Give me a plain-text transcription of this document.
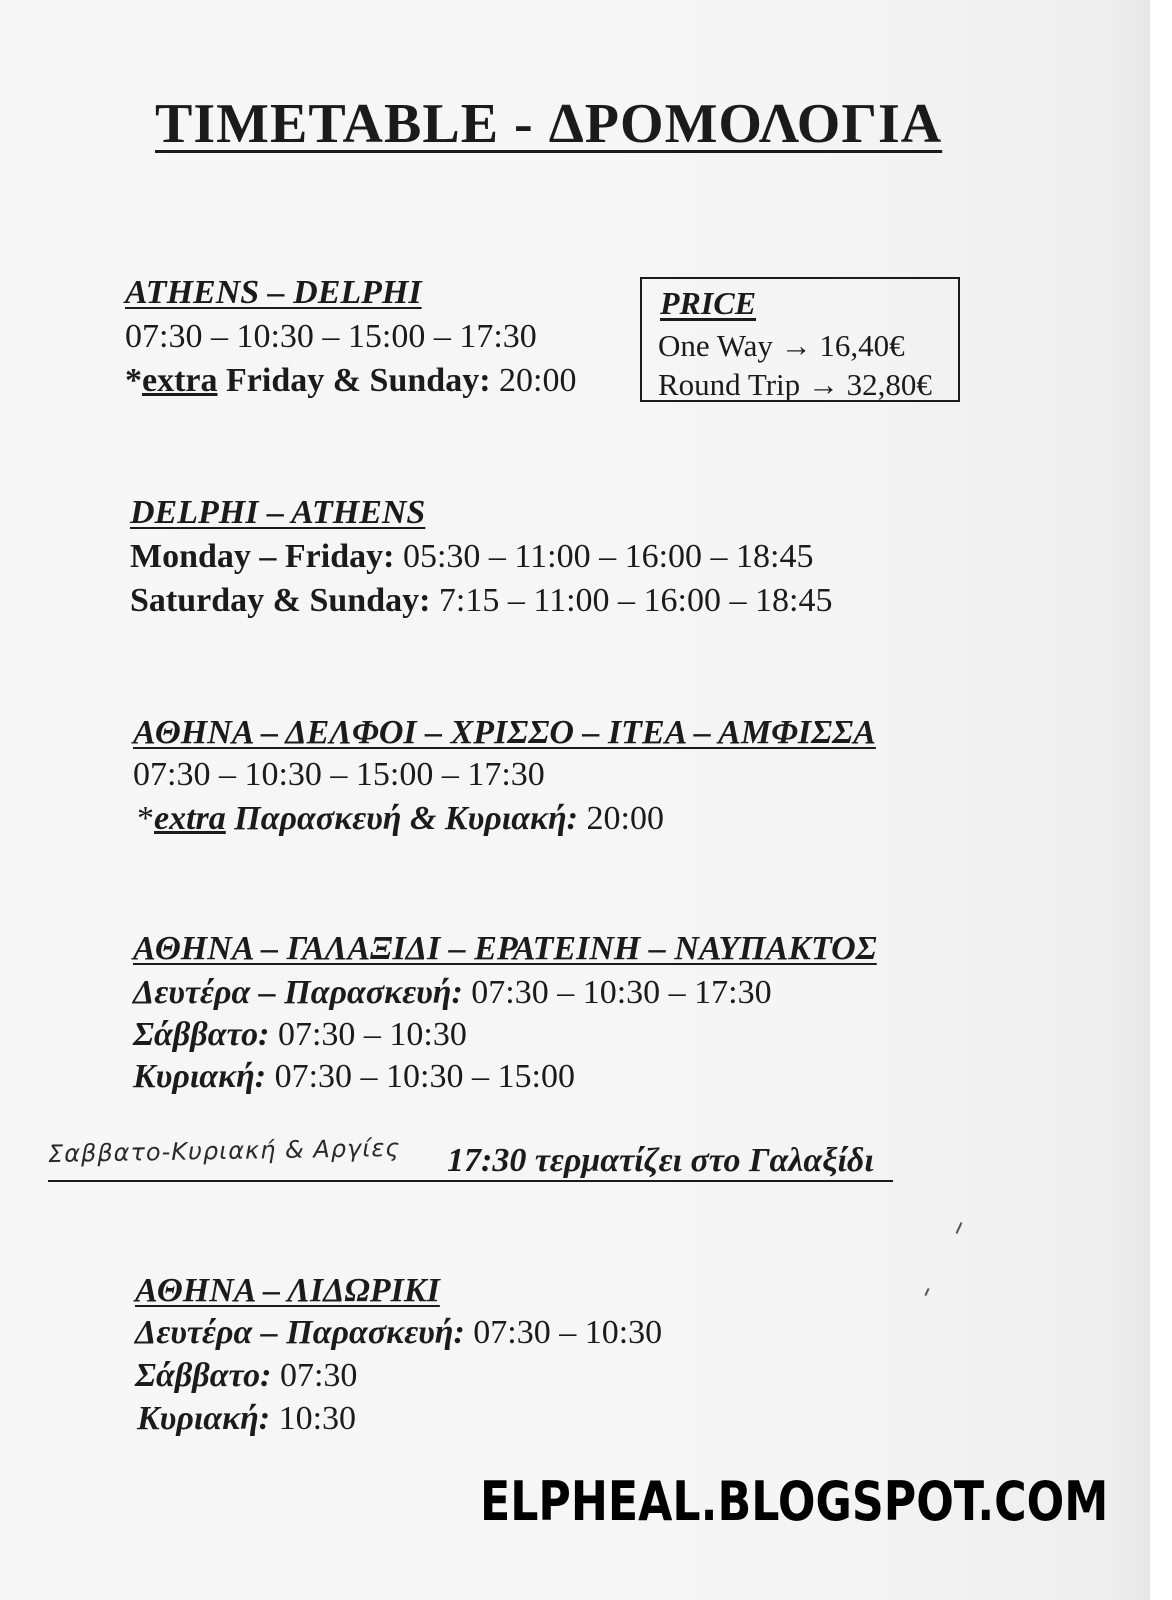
TIMETABLE - ΔΡΟΜΟΛΟΓΙΑ
ATHENS – DELPHI
07:30 – 10:30 – 15:00 – 17:30
*extra Friday & Sunday: 20:00
PRICE
One Way → 16,40€
Round Trip → 32,80€
DELPHI – ATHENS
Monday – Friday: 05:30 – 11:00 – 16:00 – 18:45
Saturday & Sunday: 7:15 – 11:00 – 16:00 – 18:45
ΑΘΗΝΑ – ΔΕΛΦΟΙ – ΧΡΙΣΣΟ – ΙΤΕΑ – ΑΜΦΙΣΣΑ
07:30 – 10:30 – 15:00 – 17:30
*extra Παρασκευή & Κυριακή: 20:00
ΑΘΗΝΑ – ΓΑΛΑΞΙΔΙ – ΕΡΑΤΕΙΝΗ – ΝΑΥΠΑΚΤΟΣ
Δευτέρα – Παρασκευή: 07:30 – 10:30 – 17:30
Σάββατο: 07:30 – 10:30
Κυριακή: 07:30 – 10:30 – 15:00
Σαββατο-Κυριακή & Αργίες 17:30 τερματίζει στο Γαλαξίδι
ΑΘΗΝΑ – ΛΙΔΩΡΙΚΙ
Δευτέρα – Παρασκευή: 07:30 – 10:30
Σάββατο: 07:30
Κυριακή: 10:30
ELPHEAL.BLOGSPOT.COM
